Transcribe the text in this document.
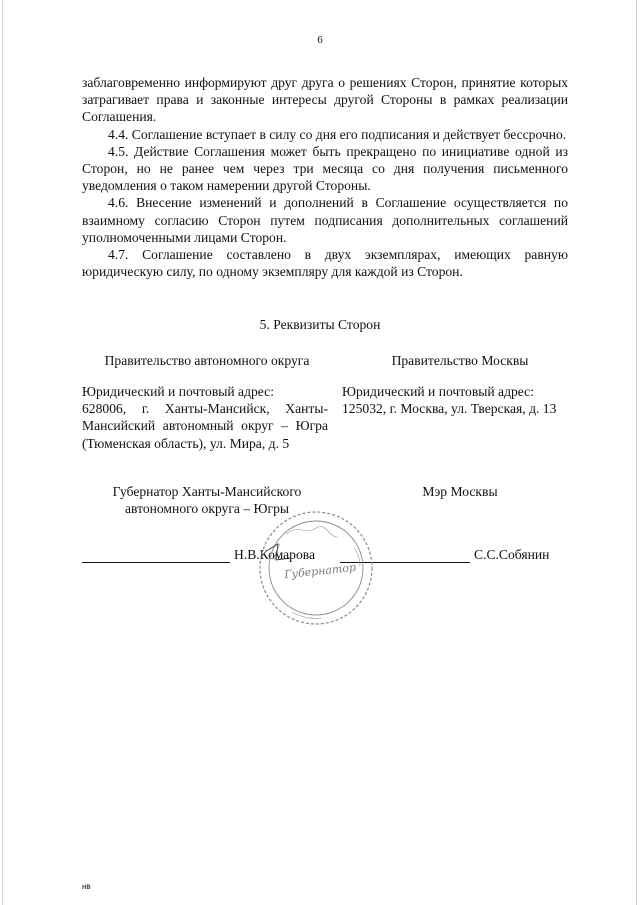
6

заблаговременно информируют друг друга о решениях Сторон, принятие которых затрагивает права и законные интересы другой Стороны в рамках реализации Соглашения.

4.4. Соглашение вступает в силу со дня его подписания и действует бессрочно.

4.5. Действие Соглашения может быть прекращено по инициативе одной из Сторон, но не ранее чем через три месяца со дня получения письменного уведомления о таком намерении другой Стороны.

4.6. Внесение изменений и дополнений в Соглашение осуществляется по взаимному согласию Сторон путем подписания дополнительных соглашений уполномоченными лицами Сторон.

4.7. Соглашение составлено в двух экземплярах, имеющих равную юридическую силу, по одному экземпляру для каждой из Сторон.

5. Реквизиты Сторон
Правительство автономного округа	Правительство Москвы
Юридический и почтовый адрес:
628006, г. Ханты-Мансийск, Ханты-Мансийский автономный округ – Югра (Тюменская область), ул. Мира, д. 5
Юридический и почтовый адрес:
125032, г. Москва, ул. Тверская, д. 13
Губернатор Ханты-Мансийского автономного округа – Югры
Мэр Москвы
Н.В.Комарова	С.С.Собянин
Губернатор
нв
